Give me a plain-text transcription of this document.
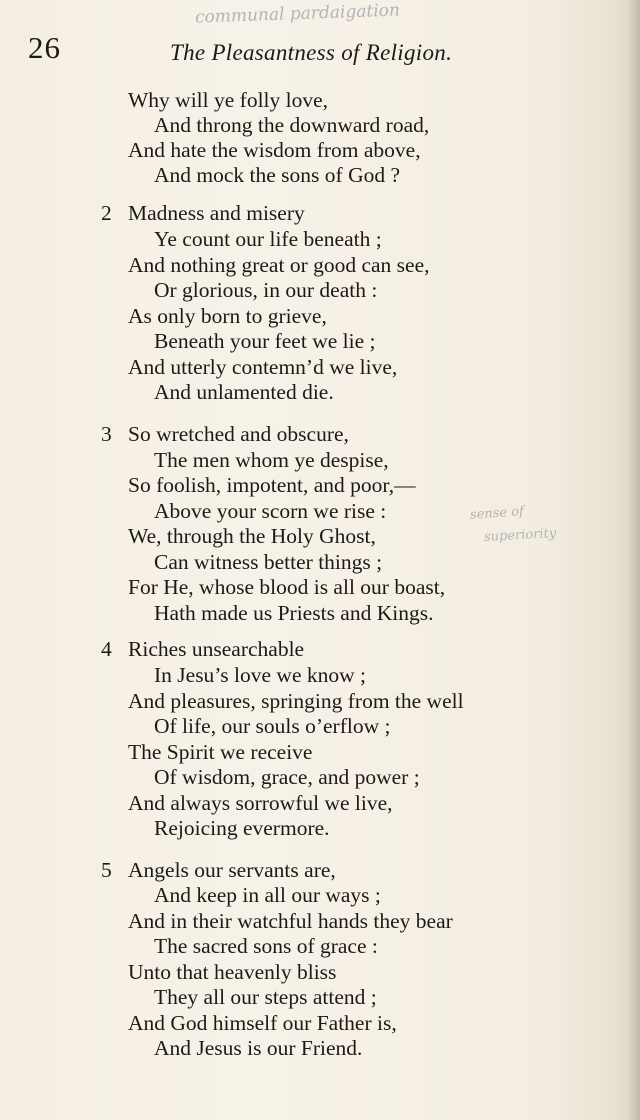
communal pardaigation
26	The Pleasantness of Religion.
Why will ye folly love,
And throng the downward road,
And hate the wisdom from above,
And mock the sons of God ?
2 Madness and misery
Ye count our life beneath ;
And nothing great or good can see,
Or glorious, in our death :
As only born to grieve,
Beneath your feet we lie ;
And utterly contemn’d we live,
And unlamented die.
3 So wretched and obscure,
The men whom ye despise,
So foolish, impotent, and poor,—
Above your scorn we rise :
We, through the Holy Ghost,
Can witness better things ;
For He, whose blood is all our boast,
Hath made us Priests and Kings.
sense of
superiority
4 Riches unsearchable
In Jesu’s love we know ;
And pleasures, springing from the well
Of life, our souls o’erflow ;
The Spirit we receive
Of wisdom, grace, and power ;
And always sorrowful we live,
Rejoicing evermore.
5 Angels our servants are,
And keep in all our ways ;
And in their watchful hands they bear
The sacred sons of grace :
Unto that heavenly bliss
They all our steps attend ;
And God himself our Father is,
And Jesus is our Friend.
